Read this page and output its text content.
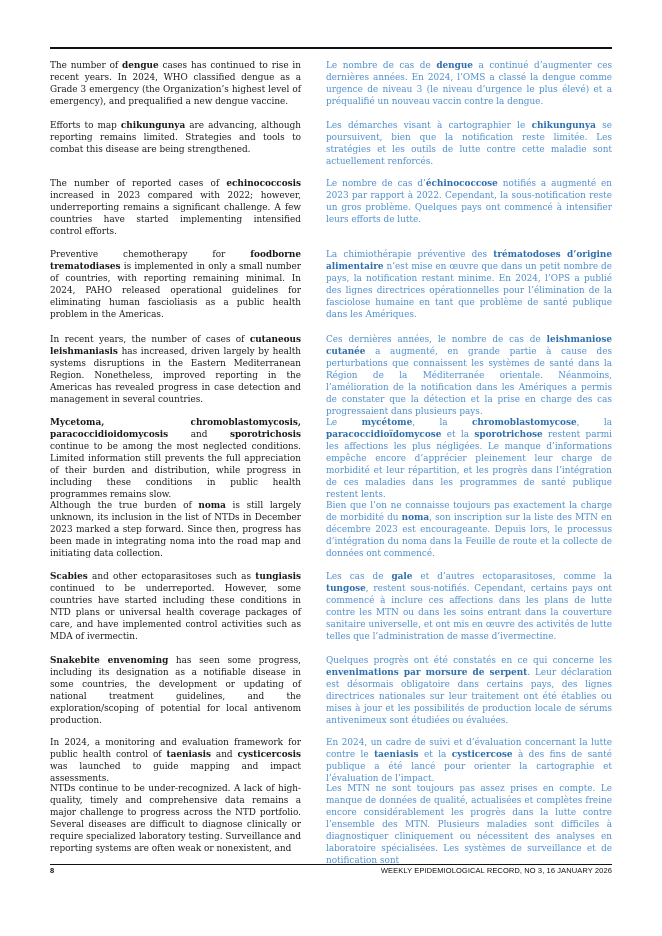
The number of dengue cases has continued to rise in recent years. In 2024, WHO classified dengue as a Grade 3 emergency (the Organization’s highest level of emergency), and prequalified a new dengue vaccine.

Efforts to map chikungunya are advancing, although reporting remains limited. Strategies and tools to combat this disease are being strengthened.

The number of reported cases of echinococcosis increased in 2023 compared with 2022; however, underreporting remains a significant challenge. A few countries have started implementing intensified control efforts.

Preventive chemotherapy for foodborne trematodiases is implemented in only a small number of countries, with reporting remaining minimal. In 2024, PAHO released operational guidelines for eliminating human fascioliasis as a public health problem in the Americas.

In recent years, the number of cases of cutaneous leishmaniasis has increased, driven largely by health systems disruptions in the Eastern Mediterranean Region. Nonetheless, improved reporting in the Americas has revealed progress in case detection and management in several countries.

Mycetoma, chromoblastomycosis, paracoccidioidomycosis and sporotrichosis continue to be among the most neglected conditions. Limited information still prevents the full appreciation of their burden and distribution, while progress in including these conditions in public health programmes remains slow.

Although the true burden of noma is still largely unknown, its inclusion in the list of NTDs in December 2023 marked a step forward. Since then, progress has been made in integrating noma into the road map and initiating data collection.

Scabies and other ectoparasitoses such as tungiasis continued to be underreported. However, some countries have started including these conditions in NTD plans or universal health coverage packages of care, and have implemented control activities such as MDA of ivermectin.

Snakebite envenoming has seen some progress, including its designation as a notifiable disease in some countries, the development or updating of national treatment guidelines, and the exploration/scoping of potential for local antivenom production.

In 2024, a monitoring and evaluation framework for public health control of taeniasis and cysticercosis was launched to guide mapping and impact assessments.

NTDs continue to be under-recognized. A lack of high-quality, timely and comprehensive data remains a major challenge to progress across the NTD portfolio. Several diseases are difficult to diagnose clinically or require specialized laboratory testing. Surveillance and reporting systems are often weak or nonexistent, and

Le nombre de cas de dengue a continué d’augmenter ces dernières années. En 2024, l’OMS a classé la dengue comme urgence de niveau 3 (le niveau d’urgence le plus élevé) et a préqualifié un nouveau vaccin contre la dengue.

Les démarches visant à cartographier le chikungunya se poursuivent, bien que la notification reste limitée. Les stratégies et les outils de lutte contre cette maladie sont actuellement renforcés.

Le nombre de cas d’échinococcose notifiés a augmenté en 2023 par rapport à 2022. Cependant, la sous-notification reste un gros problème. Quelques pays ont commencé à intensifier leurs efforts de lutte.

La chimiothérapie préventive des trématodoses d’origine alimentaire n’est mise en œuvre que dans un petit nombre de pays, la notification restant minime. En 2024, l’OPS a publié des lignes directrices opérationnelles pour l’élimination de la fasciolose humaine en tant que problème de santé publique dans les Amériques.

Ces dernières années, le nombre de cas de leishmaniose cutanée a augmenté, en grande partie à cause des perturbations que connaissent les systèmes de santé dans la Région de la Méditerranée orientale. Néanmoins, l’amélioration de la notification dans les Amériques a permis de constater que la détection et la prise en charge des cas progressaient dans plusieurs pays.

Le mycétome, la chromoblastomycose, la paracoccidioïdomycose et la sporotrichose restent parmi les affections les plus négligées. Le manque d’informations empêche encore d’apprécier pleinement leur charge de morbidité et leur répartition, et les progrès dans l’intégration de ces maladies dans les programmes de santé publique restent lents.

Bien que l’on ne connaisse toujours pas exactement la charge de morbidité du noma, son inscription sur la liste des MTN en décembre 2023 est encourageante. Depuis lors, le processus d’intégration du noma dans la Feuille de route et la collecte de données ont commencé.

Les cas de gale et d’autres ectoparasitoses, comme la tungose, restent sous-notifiés. Cependant, certains pays ont commencé à inclure ces affections dans les plans de lutte contre les MTN ou dans les soins entrant dans la couverture sanitaire universelle, et ont mis en œuvre des activités de lutte telles que l’administration de masse d’ivermectine.

Quelques progrès ont été constatés en ce qui concerne les envenimations par morsure de serpent. Leur déclaration est désormais obligatoire dans certains pays, des lignes directrices nationales sur leur traitement ont été établies ou mises à jour et les possibilités de production locale de sérums antivenimeux sont étudiées ou évaluées.

En 2024, un cadre de suivi et d’évaluation concernant la lutte contre le taeniasis et la cysticercose à des fins de santé publique a été lancé pour orienter la cartographie et l’évaluation de l’impact.

Les MTN ne sont toujours pas assez prises en compte. Le manque de données de qualité, actualisées et complètes freine encore considérablement les progrès dans la lutte contre l’ensemble des MTN. Plusieurs maladies sont difficiles à diagnostiquer cliniquement ou nécessitent des analyses en laboratoire spécialisées. Les systèmes de surveillance et de notification sont

8	WEEKLY EPIDEMIOLOGICAL RECORD, NO 3, 16 JANUARY 2026
